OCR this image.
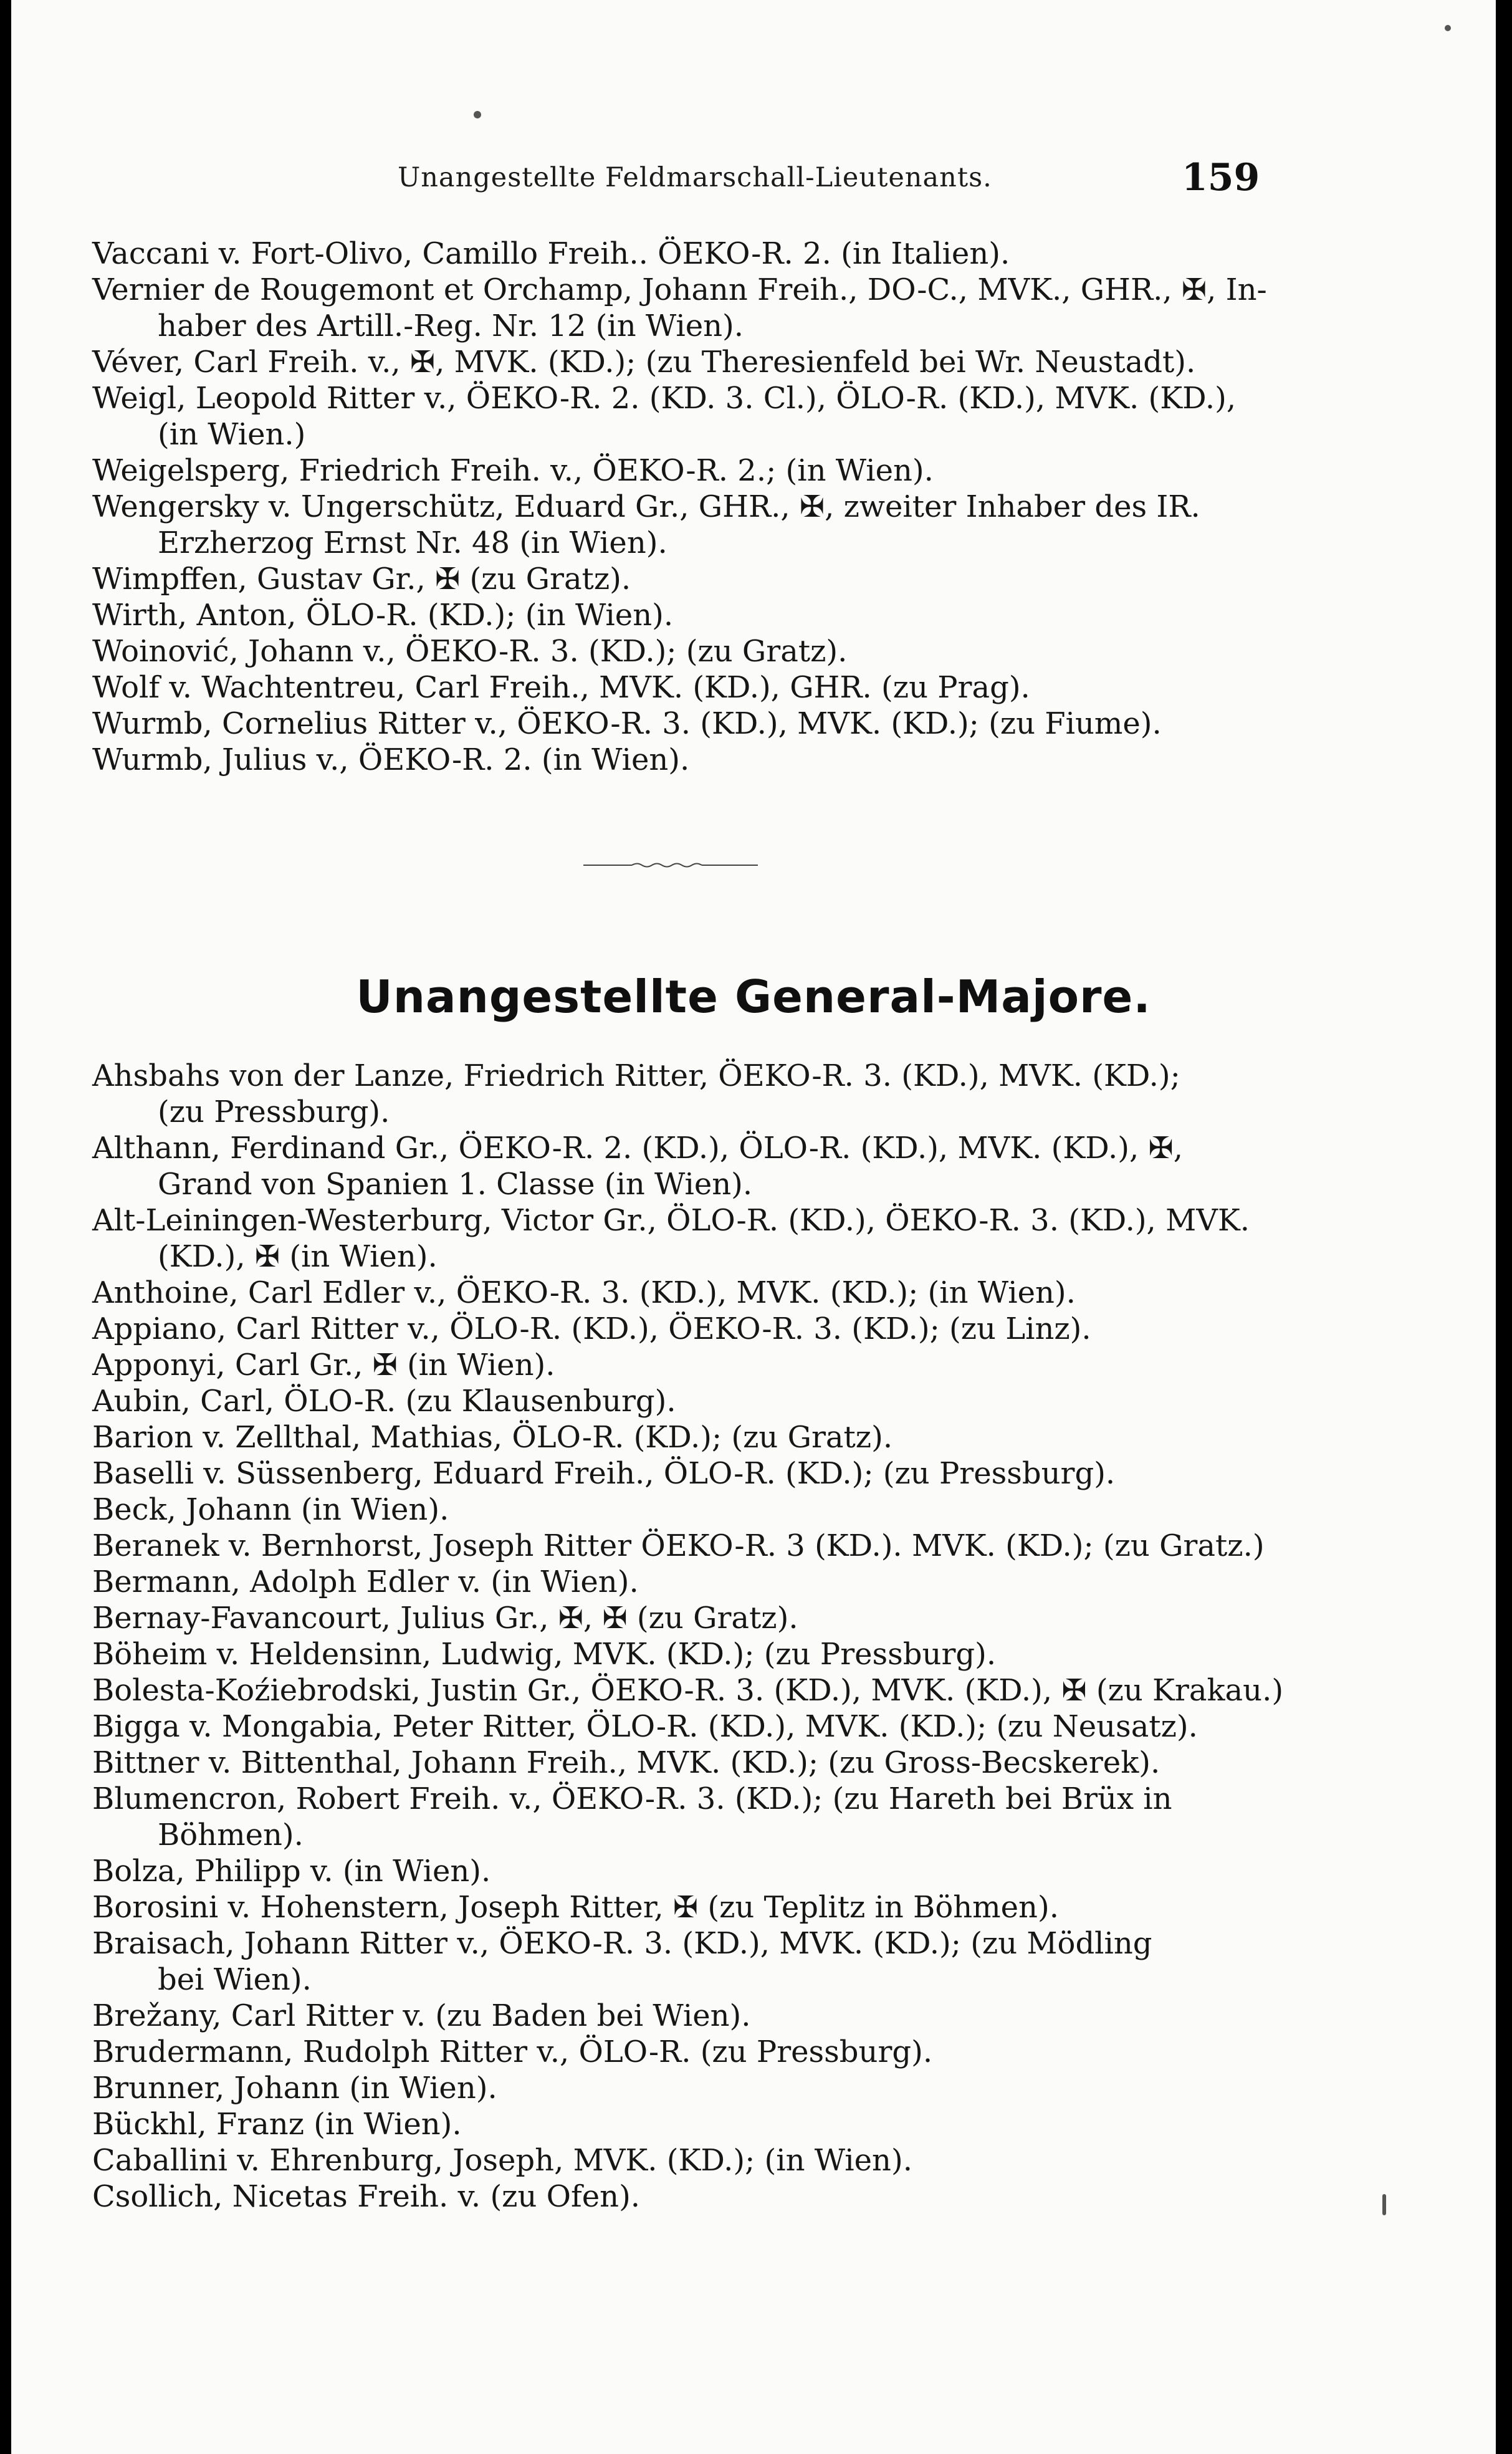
Unangestellte Feldmarschall-Lieutenants.	159
Vaccani v. Fort-Olivo, Camillo Freih.. ÖEKO-R. 2. (in Italien).
Vernier de Rougemont et Orchamp, Johann Freih., DO-C., MVK., GHR., ✠, In-
haber des Artill.-Reg. Nr. 12 (in Wien).
Véver, Carl Freih. v., ✠, MVK. (KD.); (zu Theresienfeld bei Wr. Neustadt).
Weigl, Leopold Ritter v., ÖEKO-R. 2. (KD. 3. Cl.), ÖLO-R. (KD.), MVK. (KD.),
(in Wien.)
Weigelsperg, Friedrich Freih. v., ÖEKO-R. 2.; (in Wien).
Wengersky v. Ungerschütz, Eduard Gr., GHR., ✠, zweiter Inhaber des IR.
Erzherzog Ernst Nr. 48 (in Wien).
Wimpffen, Gustav Gr., ✠ (zu Gratz).
Wirth, Anton, ÖLO-R. (KD.); (in Wien).
Woinović, Johann v., ÖEKO-R. 3. (KD.); (zu Gratz).
Wolf v. Wachtentreu, Carl Freih., MVK. (KD.), GHR. (zu Prag).
Wurmb, Cornelius Ritter v., ÖEKO-R. 3. (KD.), MVK. (KD.); (zu Fiume).
Wurmb, Julius v., ÖEKO-R. 2. (in Wien).
Unangestellte General-Majore.
Ahsbahs von der Lanze, Friedrich Ritter, ÖEKO-R. 3. (KD.), MVK. (KD.);
(zu Pressburg).
Althann, Ferdinand Gr., ÖEKO-R. 2. (KD.), ÖLO-R. (KD.), MVK. (KD.), ✠,
Grand von Spanien 1. Classe (in Wien).
Alt-Leiningen-Westerburg, Victor Gr., ÖLO-R. (KD.), ÖEKO-R. 3. (KD.), MVK.
(KD.), ✠ (in Wien).
Anthoine, Carl Edler v., ÖEKO-R. 3. (KD.), MVK. (KD.); (in Wien).
Appiano, Carl Ritter v., ÖLO-R. (KD.), ÖEKO-R. 3. (KD.); (zu Linz).
Apponyi, Carl Gr., ✠ (in Wien).
Aubin, Carl, ÖLO-R. (zu Klausenburg).
Barion v. Zellthal, Mathias, ÖLO-R. (KD.); (zu Gratz).
Baselli v. Süssenberg, Eduard Freih., ÖLO-R. (KD.); (zu Pressburg).
Beck, Johann (in Wien).
Beranek v. Bernhorst, Joseph Ritter ÖEKO-R. 3 (KD.). MVK. (KD.); (zu Gratz.)
Bermann, Adolph Edler v. (in Wien).
Bernay-Favancourt, Julius Gr., ✠, ✠ (zu Gratz).
Böheim v. Heldensinn, Ludwig, MVK. (KD.); (zu Pressburg).
Bolesta-Koźiebrodski, Justin Gr., ÖEKO-R. 3. (KD.), MVK. (KD.), ✠ (zu Krakau.)
Bigga v. Mongabia, Peter Ritter, ÖLO-R. (KD.), MVK. (KD.); (zu Neusatz).
Bittner v. Bittenthal, Johann Freih., MVK. (KD.); (zu Gross-Becskerek).
Blumencron, Robert Freih. v., ÖEKO-R. 3. (KD.); (zu Hareth bei Brüx in
Böhmen).
Bolza, Philipp v. (in Wien).
Borosini v. Hohenstern, Joseph Ritter, ✠ (zu Teplitz in Böhmen).
Braisach, Johann Ritter v., ÖEKO-R. 3. (KD.), MVK. (KD.); (zu Mödling
bei Wien).
Brežany, Carl Ritter v. (zu Baden bei Wien).
Brudermann, Rudolph Ritter v., ÖLO-R. (zu Pressburg).
Brunner, Johann (in Wien).
Bückhl, Franz (in Wien).
Caballini v. Ehrenburg, Joseph, MVK. (KD.); (in Wien).
Csollich, Nicetas Freih. v. (zu Ofen).
